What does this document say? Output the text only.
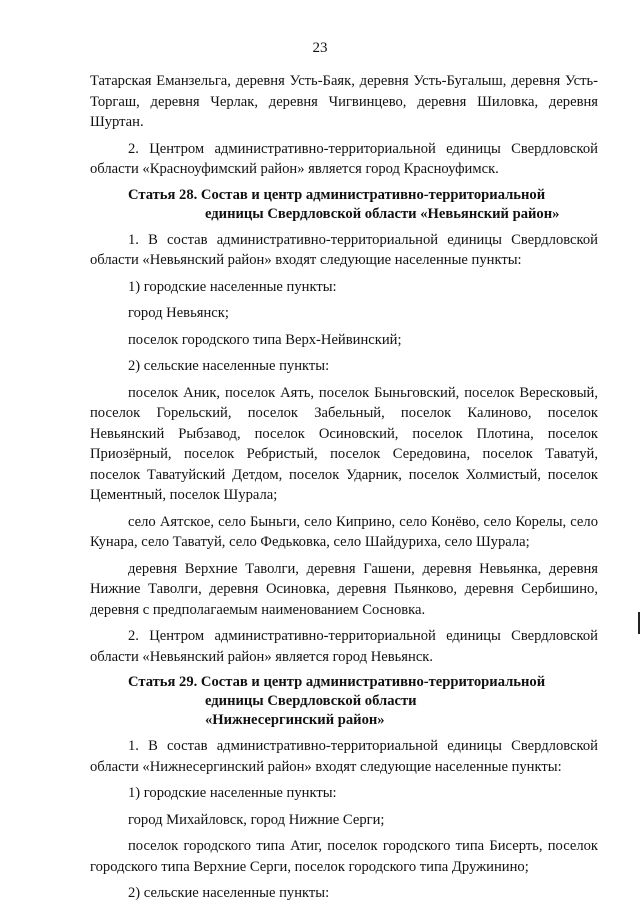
23

Татарская Еманзельга, деревня Усть-Баяк, деревня Усть-Бугалыш, деревня Усть-Торгаш, деревня Черлак, деревня Чигвинцево, деревня Шиловка, деревня Шуртан.

2. Центром административно-территориальной единицы Свердловской области «Красноуфимский район» является город Красноуфимск.

Статья 28. Состав и центр административно-территориальной
единицы Свердловской области «Невьянский район»

1. В состав административно-территориальной единицы Свердловской области «Невьянский район» входят следующие населенные пункты:

1) городские населенные пункты:

город Невьянск;

поселок городского типа Верх-Нейвинский;

2) сельские населенные пункты:

поселок Аник, поселок Аять, поселок Быньговский, поселок Вересковый, поселок Горельский, поселок Забельный, поселок Калиново, поселок Невьянский Рыбзавод, поселок Осиновский, поселок Плотина, поселок Приозёрный, поселок Ребристый, поселок Середовина, поселок Таватуй, поселок Таватуйский Детдом, поселок Ударник, поселок Холмистый, поселок Цементный, поселок Шурала;

село Аятское, село Быньги, село Киприно, село Конёво, село Корелы, село Кунара, село Таватуй, село Федьковка, село Шайдуриха, село Шурала;

деревня Верхние Таволги, деревня Гашени, деревня Невьянка, деревня Нижние Таволги, деревня Осиновка, деревня Пьянково, деревня Сербишино, деревня с предполагаемым наименованием Сосновка.

2. Центром административно-территориальной единицы Свердловской области «Невьянский район» является город Невьянск.

Статья 29. Состав и центр административно-территориальной
единицы Свердловской области
«Нижнесергинский район»

1. В состав административно-территориальной единицы Свердловской области «Нижнесергинский район» входят следующие населенные пункты:

1) городские населенные пункты:

город Михайловск, город Нижние Серги;

поселок городского типа Атиг, поселок городского типа Бисерть, поселок городского типа Верхние Серги, поселок городского типа Дружинино;

2) сельские населенные пункты:
